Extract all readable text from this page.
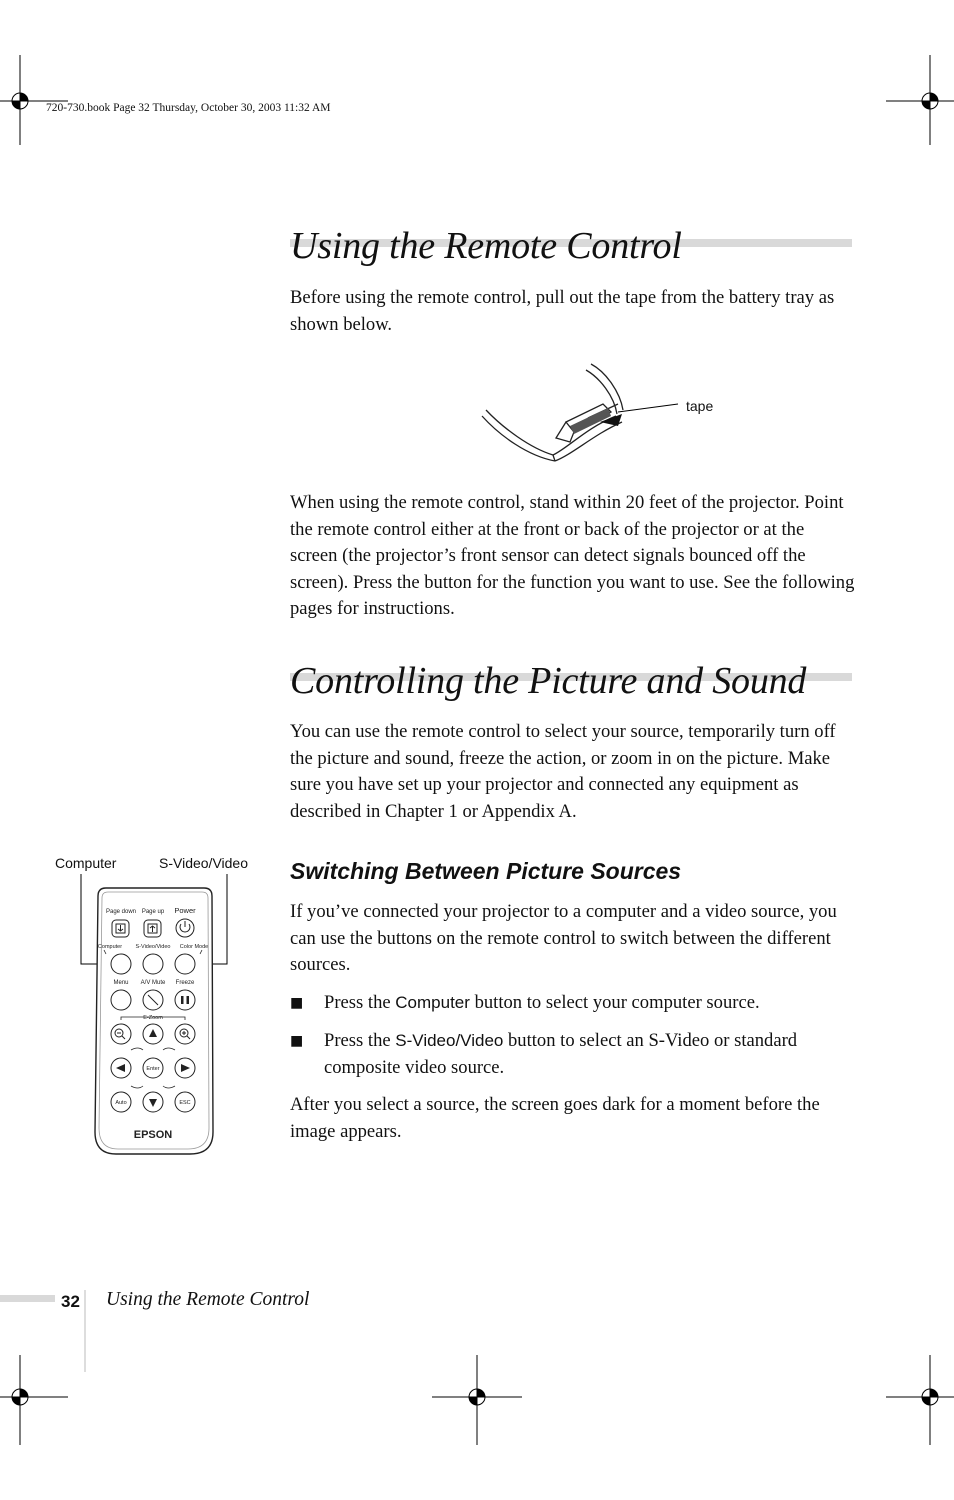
720-730.book Page 32 Thursday, October 30, 2003 11:32 AM
Using the Remote Control

Before using the remote control, pull out the tape from the battery tray as shown below.

tape

When using the remote control, stand within 20 feet of the projector. Point the remote control either at the front or back of the projector or at the screen (the projector’s front sensor can detect signals bounced off the screen). Press the button for the function you want to use. See the following pages for instructions.

Controlling the Picture and Sound

You can use the remote control to select your source, temporarily turn off the picture and sound, freeze the action, or zoom in on the picture. Make sure you have set up your projector and connected any equipment as described in Chapter 1 or Appendix A.

Switching Between Picture Sources

If you’ve connected your projector to a computer and a video source, you can use the buttons on the remote control to switch between the different sources.

■ Press the Computer button to select your computer source.
■ Press the S-Video/Video button to select an S-Video or standard composite video source.

After you select a source, the screen goes dark for a moment before the image appears.

Computer	S-Video/Video
Page down Page up Power
Computer S-Video/Video Color Mode
Menu A/V Mute Freeze
E-Zoom
Enter
Auto	ESC
EPSON
32 Using the Remote Control
